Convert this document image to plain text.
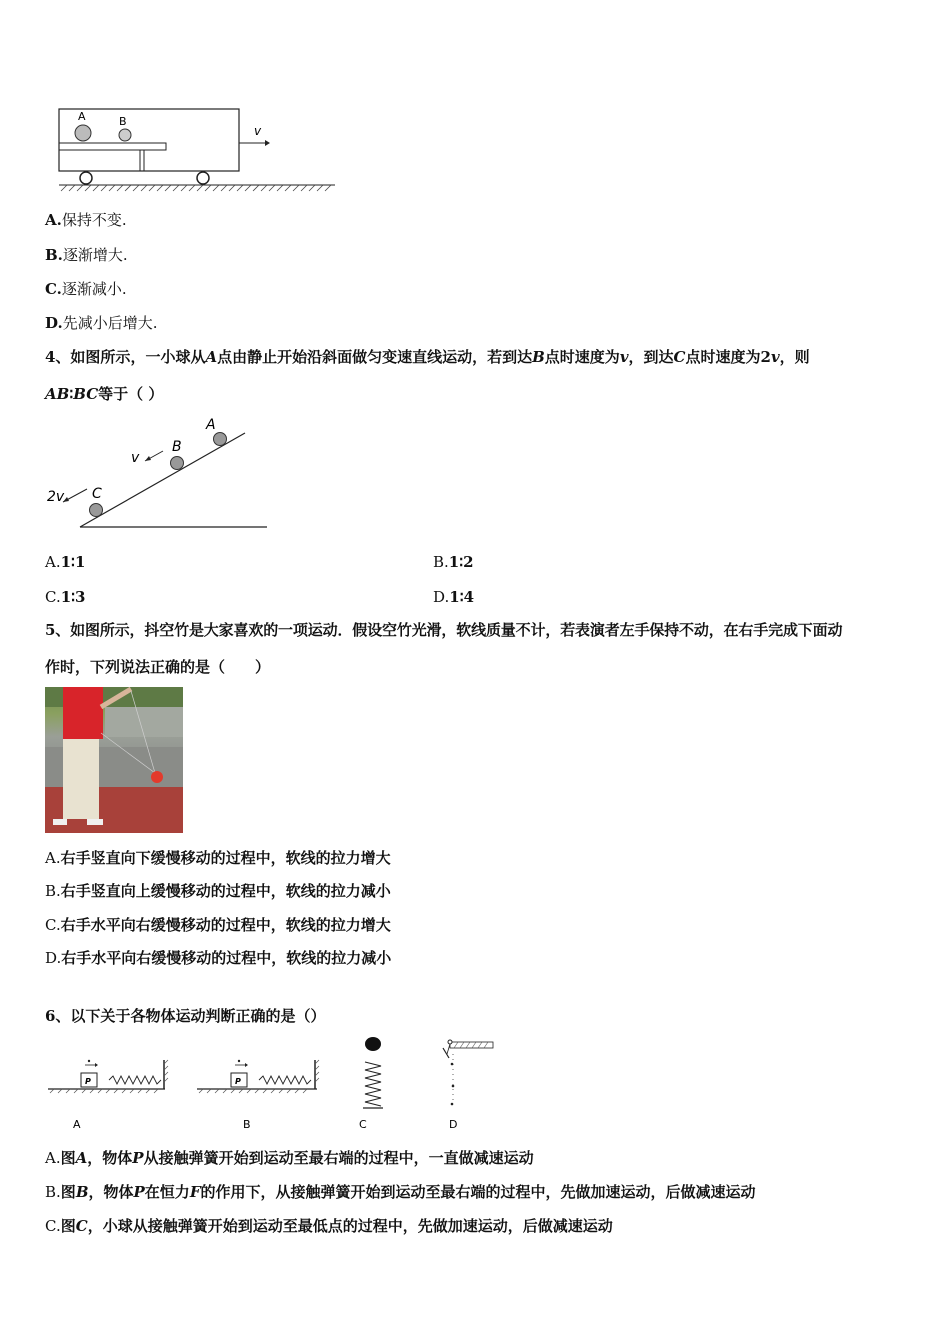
A	B
v
A.保持不变.
B.逐渐增大.
C.逐渐减小.
D.先减小后增大.
4、如图所示，一小球从A点由静止开始沿斜面做匀变速直线运动，若到达B点时速度为v，到达C点时速度为2v，则
AB∶BC等于（ ）
A
B
C
v
2v
A.1∶1	B.1∶2
C.1∶3	D.1∶4
5、如图所示，抖空竹是大家喜欢的一项运动．假设空竹光滑，软线质量不计，若表演者左手保持不动，在右手完成下面动
作时，下列说法正确的是（　　）
A.右手竖直向下缓慢移动的过程中，软线的拉力增大
B.右手竖直向上缓慢移动的过程中，软线的拉力减小
C.右手水平向右缓慢移动的过程中，软线的拉力增大
D.右手水平向右缓慢移动的过程中，软线的拉力减小
6、以下关于各物体运动判断正确的是（）
P
A
P
B	C	D
A.图A，物体P从接触弹簧开始到运动至最右端的过程中，一直做减速运动
B.图B，物体P在恒力F的作用下，从接触弹簧开始到运动至最右端的过程中，先做加速运动，后做减速运动
C.图C，小球从接触弹簧开始到运动至最低点的过程中，先做加速运动，后做减速运动
